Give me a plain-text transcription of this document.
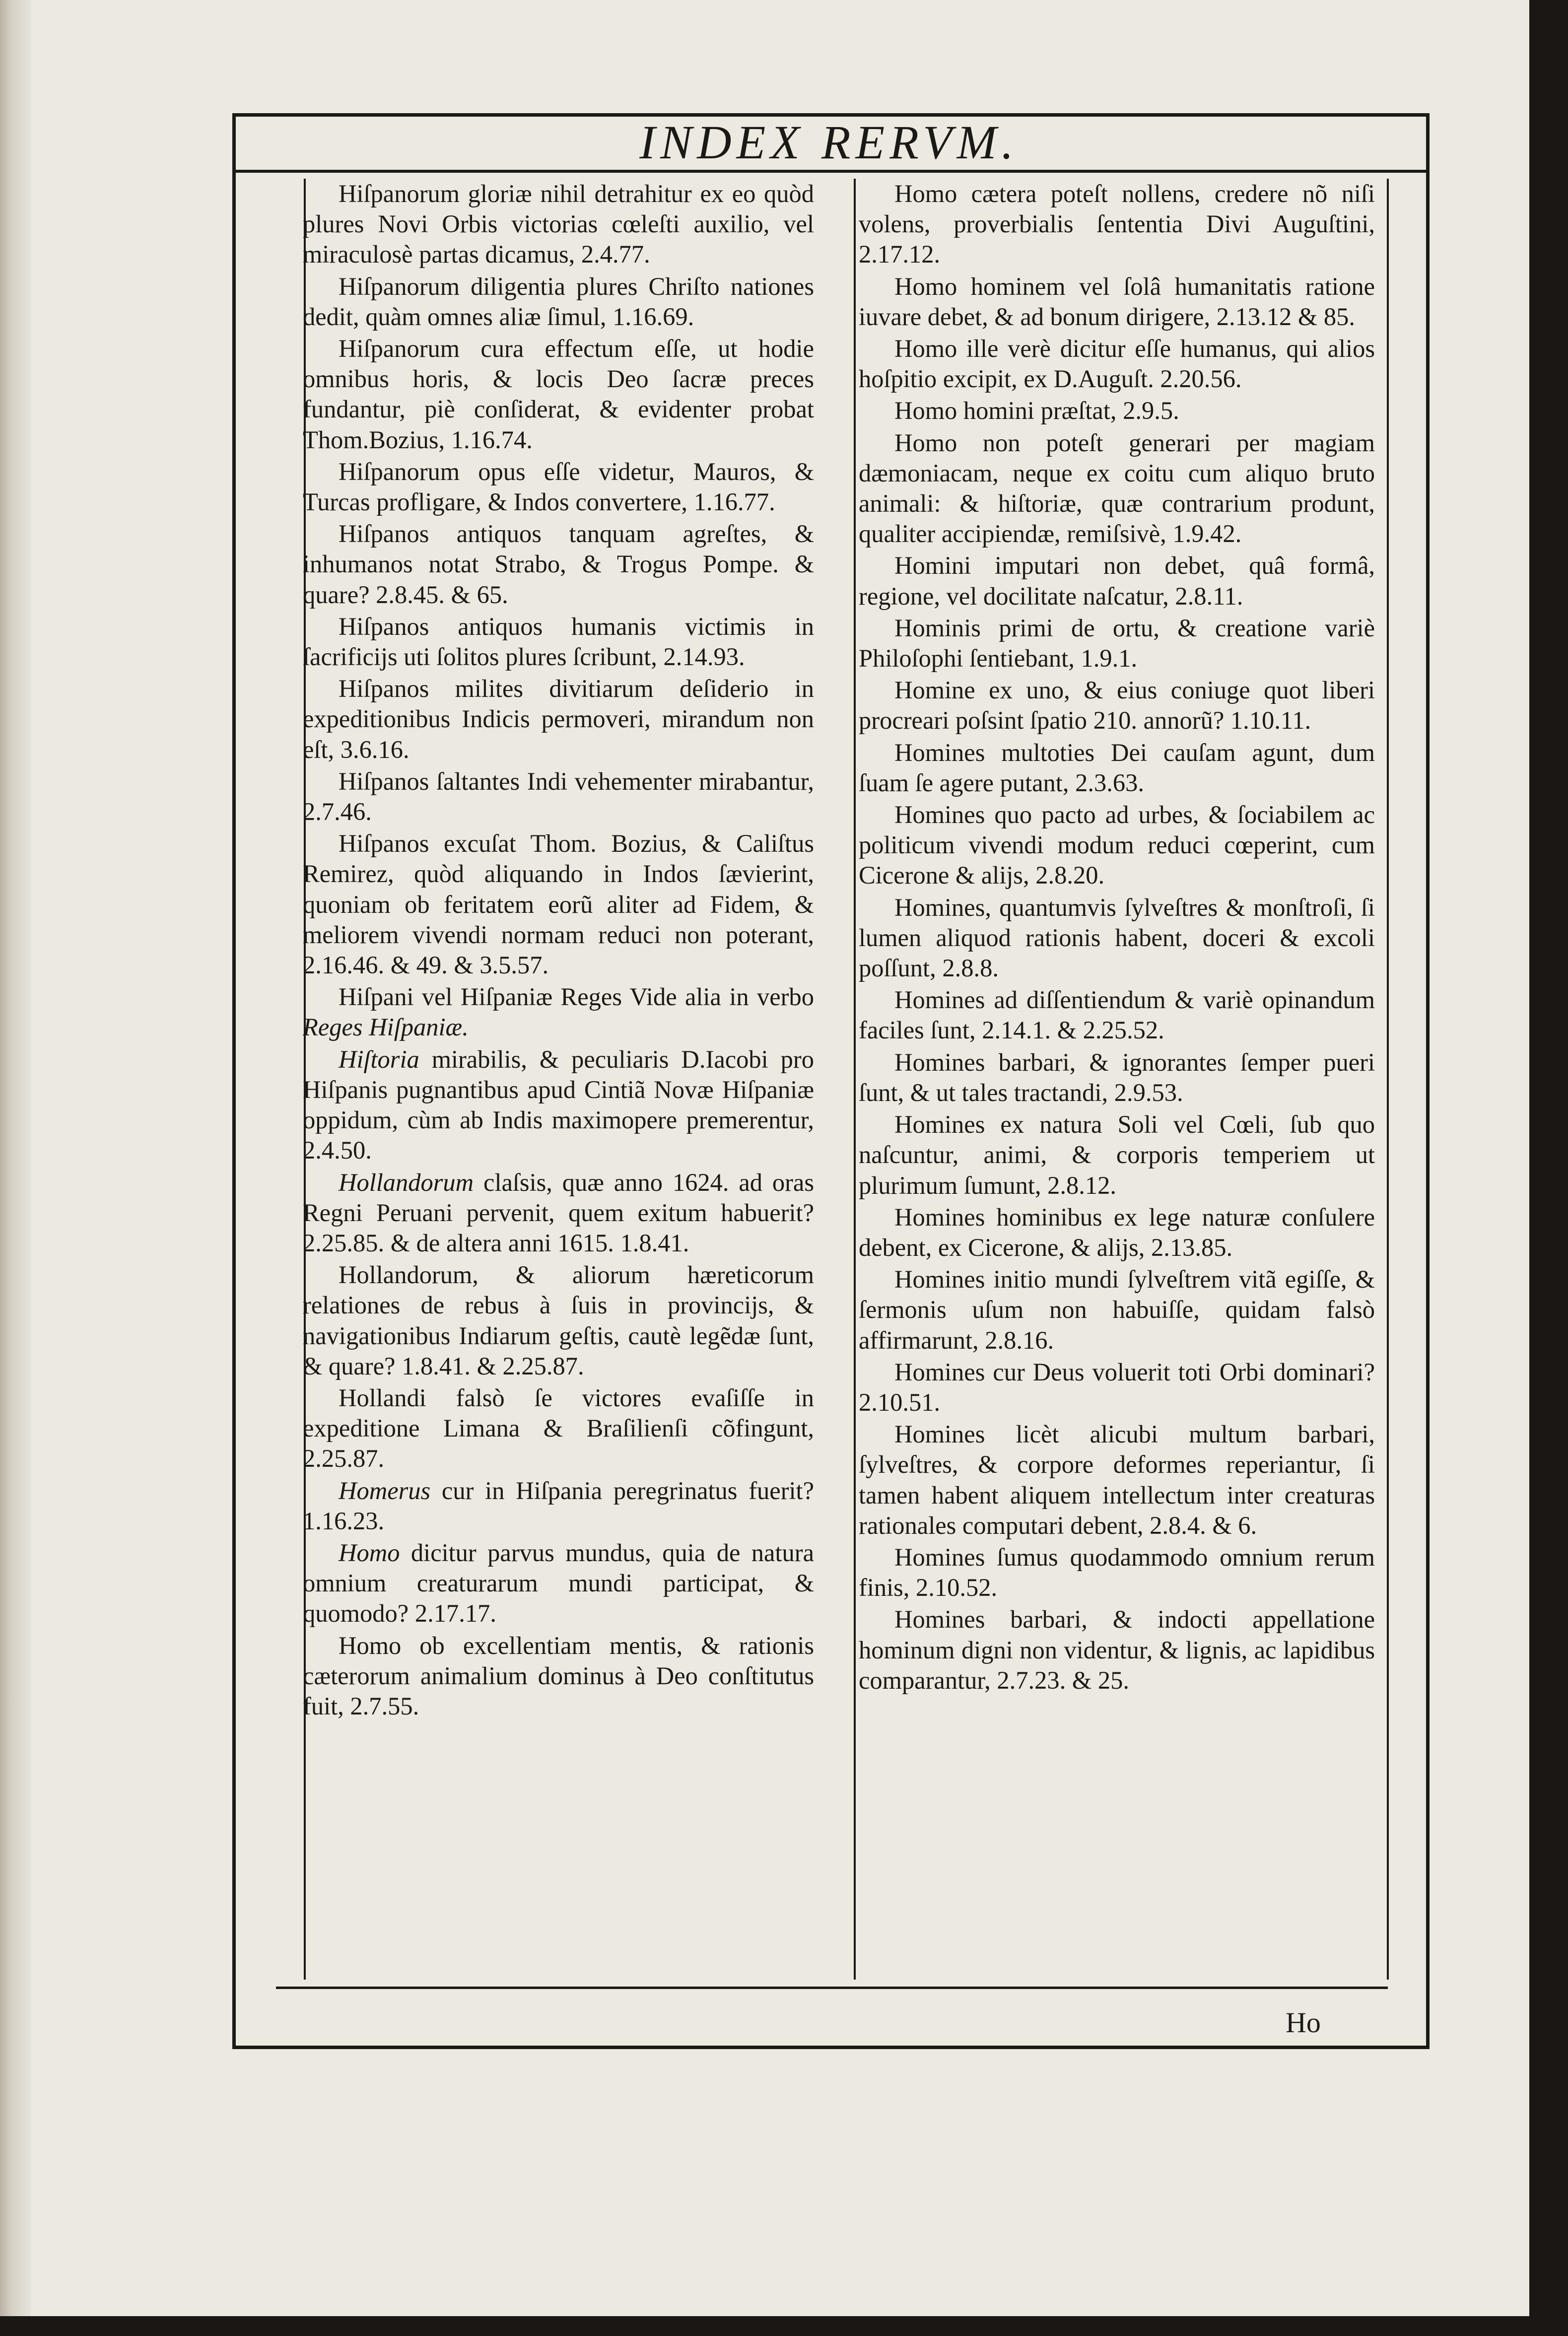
INDEX RERVM.

Hiſpanorum gloriæ nihil detrahitur ex eo quòd plures Novi Orbis victorias cœleſti auxilio, vel miraculosè partas dicamus, 2.4.77.

Hiſpanorum diligentia plures Chriſto nationes dedit, quàm omnes aliæ ſimul, 1.16.69.

Hiſpanorum cura effectum eſſe, ut hodie omnibus horis, & locis Deo ſacræ preces fundantur, piè conſiderat, & evidenter probat Thom.Bozius, 1.16.74.

Hiſpanorum opus eſſe videtur, Mauros, & Turcas profligare, & Indos convertere, 1.16.77.

Hiſpanos antiquos tanquam agreſtes, & inhumanos notat Strabo, & Trogus Pompe. & quare? 2.8.45. & 65.

Hiſpanos antiquos humanis victimis in ſacrificijs uti ſolitos plures ſcribunt, 2.14.93.

Hiſpanos milites divitiarum deſiderio in expeditionibus Indicis permoveri, mirandum non eſt, 3.6.16.

Hiſpanos ſaltantes Indi vehementer mirabantur, 2.7.46.

Hiſpanos excuſat Thom. Bozius, & Caliſtus Remirez, quòd aliquando in Indos ſævierint, quoniam ob feritatem eorũ aliter ad Fidem, & meliorem vivendi normam reduci non poterant, 2.16.46. & 49. & 3.5.57.

Hiſpani vel Hiſpaniæ Reges Vide alia in verbo Reges Hiſpaniæ.

Hiſtoria mirabilis, & peculiaris D.Iacobi pro Hiſpanis pugnantibus apud Cintiã Novæ Hiſpaniæ oppidum, cùm ab Indis maximopere premerentur, 2.4.50.

Hollandorum claſsis, quæ anno 1624. ad oras Regni Peruani pervenit, quem exitum habuerit? 2.25.85. & de altera anni 1615. 1.8.41.

Hollandorum, & aliorum hæreticorum relationes de rebus à ſuis in provincijs, & navigationibus Indiarum geſtis, cautè legẽdæ ſunt, & quare? 1.8.41. & 2.25.87.

Hollandi falsò ſe victores evaſiſſe in expeditione Limana & Braſilienſi cõfingunt, 2.25.87.

Homerus cur in Hiſpania peregrinatus fuerit? 1.16.23.

Homo dicitur parvus mundus, quia de natura omnium creaturarum mundi participat, & quomodo? 2.17.17.

Homo ob excellentiam mentis, & rationis cæterorum animalium dominus à Deo conſtitutus fuit, 2.7.55.

Homo cætera poteſt nollens, credere nõ niſi volens, proverbialis ſententia Divi Auguſtini, 2.17.12.

Homo hominem vel ſolâ humanitatis ratione iuvare debet, & ad bonum dirigere, 2.13.12 & 85.

Homo ille verè dicitur eſſe humanus, qui alios hoſpitio excipit, ex D.Auguſt. 2.20.56.

Homo homini præſtat, 2.9.5.

Homo non poteſt generari per magiam dæmoniacam, neque ex coitu cum aliquo bruto animali: & hiſtoriæ, quæ contrarium produnt, qualiter accipiendæ, remiſsivè, 1.9.42.

Homini imputari non debet, quâ formâ, regione, vel docilitate naſcatur, 2.8.11.

Hominis primi de ortu, & creatione variè Philoſophi ſentiebant, 1.9.1.

Homine ex uno, & eius coniuge quot liberi procreari poſsint ſpatio 210. annorũ? 1.10.11.

Homines multoties Dei cauſam agunt, dum ſuam ſe agere putant, 2.3.63.

Homines quo pacto ad urbes, & ſociabilem ac politicum vivendi modum reduci cœperint, cum Cicerone & alijs, 2.8.20.

Homines, quantumvis ſylveſtres & monſtroſi, ſi lumen aliquod rationis habent, doceri & excoli poſſunt, 2.8.8.

Homines ad diſſentiendum & variè opinandum faciles ſunt, 2.14.1. & 2.25.52.

Homines barbari, & ignorantes ſemper pueri ſunt, & ut tales tractandi, 2.9.53.

Homines ex natura Soli vel Cœli, ſub quo naſcuntur, animi, & corporis temperiem ut plurimum ſumunt, 2.8.12.

Homines hominibus ex lege naturæ conſulere debent, ex Cicerone, & alijs, 2.13.85.

Homines initio mundi ſylveſtrem vitã egiſſe, & ſermonis uſum non habuiſſe, quidam falsò affirmarunt, 2.8.16.

Homines cur Deus voluerit toti Orbi dominari? 2.10.51.

Homines licèt alicubi multum barbari, ſylveſtres, & corpore deformes reperiantur, ſi tamen habent aliquem intellectum inter creaturas rationales computari debent, 2.8.4. & 6.

Homines ſumus quodammodo omnium rerum finis, 2.10.52.

Homines barbari, & indocti appellatione hominum digni non videntur, & lignis, ac lapidibus comparantur, 2.7.23. & 25.

Ho
